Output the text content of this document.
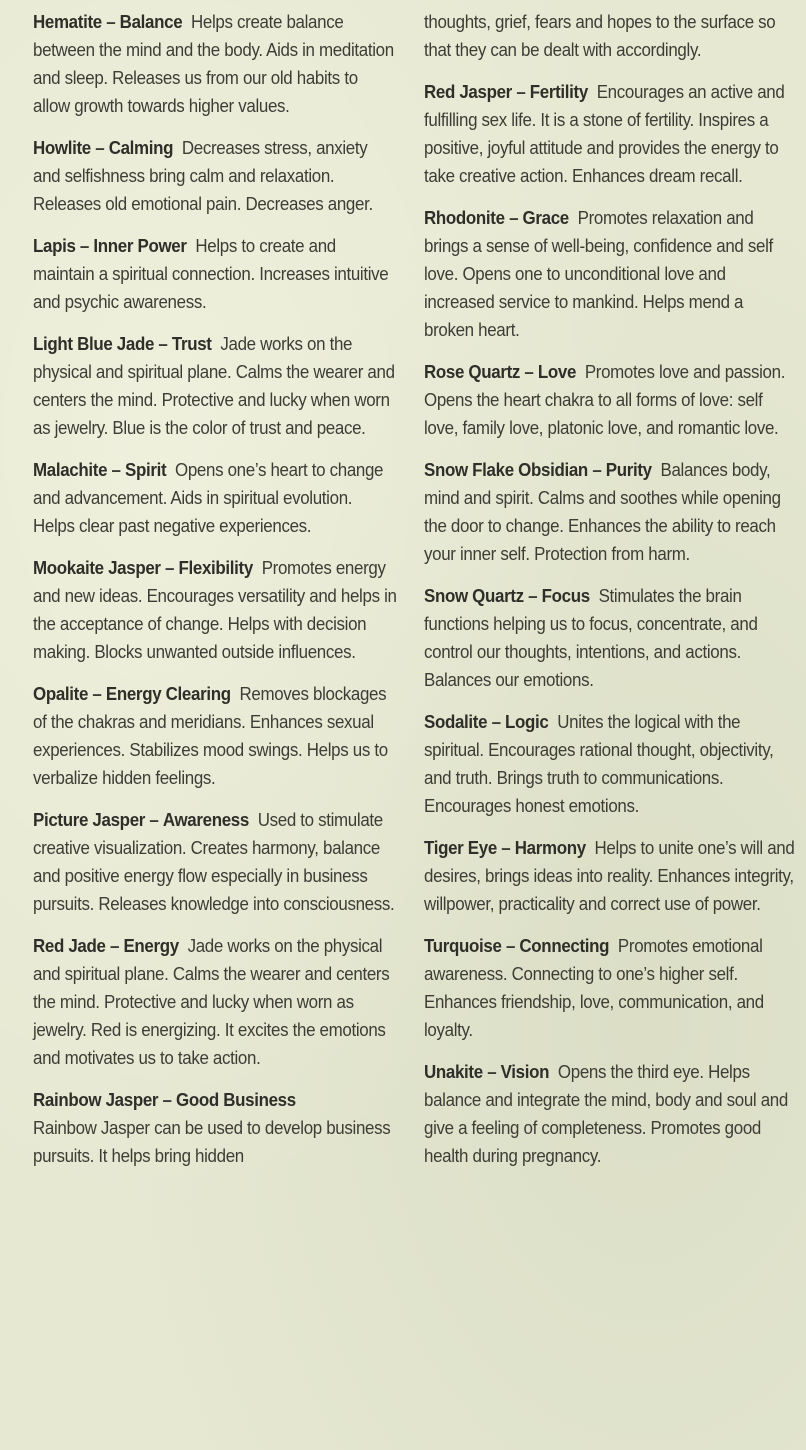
Hematite – Balance Helps create balance between the mind and the body. Aids in meditation and sleep. Releases us from our old habits to allow growth towards higher values.

Howlite – Calming Decreases stress, anxiety and selfishness bring calm and relaxation. Releases old emotional pain. Decreases anger.

Lapis – Inner Power Helps to create and maintain a spiritual connection. Increases intuitive and psychic awareness.

Light Blue Jade – Trust Jade works on the physical and spiritual plane. Calms the wearer and centers the mind. Protective and lucky when worn as jewelry. Blue is the color of trust and peace.

Malachite – Spirit Opens one’s heart to change and advancement. Aids in spiritual evolution. Helps clear past negative experiences.

Mookaite Jasper – Flexibility Promotes energy and new ideas. Encourages versatility and helps in the acceptance of change. Helps with decision making. Blocks unwanted outside influences.

Opalite – Energy Clearing Removes blockages of the chakras and meridians. Enhances sexual experiences. Stabilizes mood swings. Helps us to verbalize hidden feelings.

Picture Jasper – Awareness Used to stimulate creative visualization. Creates harmony, balance and positive energy flow especially in business pursuits. Releases knowledge into consciousness.

Red Jade – Energy Jade works on the physical and spiritual plane. Calms the wearer and centers the mind. Protective and lucky when worn as jewelry. Red is energizing. It excites the emotions and motivates us to take action.

Rainbow Jasper – Good Business
Rainbow Jasper can be used to develop business pursuits. It helps bring hidden

thoughts, grief, fears and hopes to the surface so that they can be dealt with accordingly.

Red Jasper – Fertility Encourages an active and fulfilling sex life. It is a stone of fertility. Inspires a positive, joyful attitude and provides the energy to take creative action. Enhances dream recall.

Rhodonite – Grace Promotes relaxation and brings a sense of well-being, confidence and self love. Opens one to unconditional love and increased service to mankind. Helps mend a broken heart.

Rose Quartz – Love Promotes love and passion. Opens the heart chakra to all forms of love: self love, family love, platonic love, and romantic love.

Snow Flake Obsidian – Purity Balances body, mind and spirit. Calms and soothes while opening the door to change. Enhances the ability to reach your inner self. Protection from harm.

Snow Quartz – Focus Stimulates the brain functions helping us to focus, concentrate, and control our thoughts, intentions, and actions. Balances our emotions.

Sodalite – Logic Unites the logical with the spiritual. Encourages rational thought, objectivity, and truth. Brings truth to communications. Encourages honest emotions.

Tiger Eye – Harmony Helps to unite one’s will and desires, brings ideas into reality. Enhances integrity, willpower, practicality and correct use of power.

Turquoise – Connecting Promotes emotional awareness. Connecting to one’s higher self. Enhances friendship, love, communication, and loyalty.

Unakite – Vision Opens the third eye. Helps balance and integrate the mind, body and soul and give a feeling of completeness. Promotes good health during pregnancy.
